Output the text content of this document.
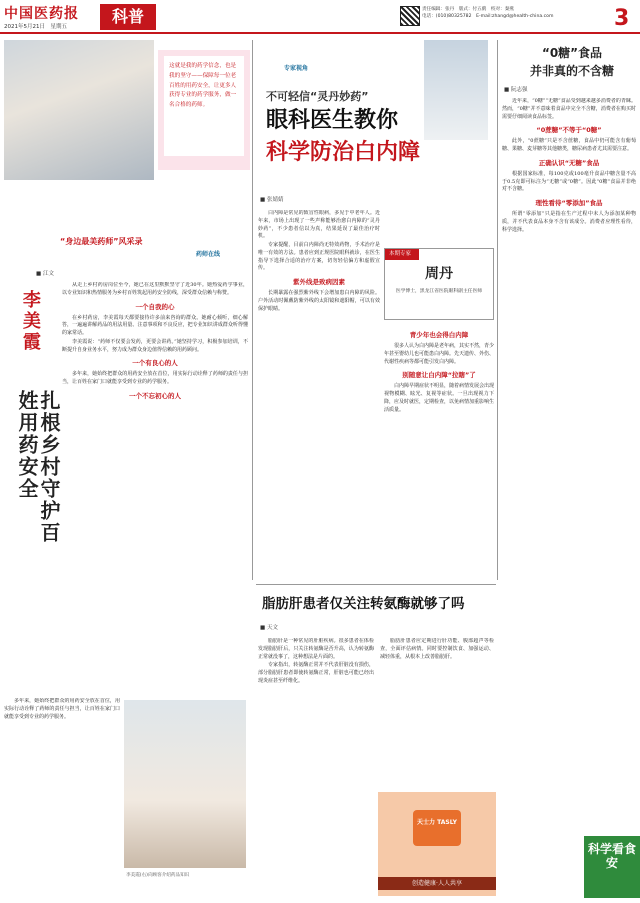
中国医药报
2021年5月21日　星期五
科普	责任编辑：张丹　版式：付五鹤　校对：秦燕
电话：(010)80325782　E-mail:zhangd@health-china.com	3
这就是我的药学信念，也是我的坚守——保障每一位老百姓的用药安全，让更多人获得专业的药学服务，做一名合格的药师。
“身边最美药师”风采录
药师在线
■ 江文
李美霞
扎根乡村守护百姓用药安全

从走上乡村药房岗位至今，她已在这里默默坚守了近30年。她热爱药学事业，以专业知识和热情服务为乡村百姓筑起用药安全防线，深受群众信赖与称赞。

一个自我的心

在乡村药房，李美霞每天都要接待许多前来咨询的群众。她耐心倾听，细心解答，一遍遍讲解药品的用法用量、注意事项和不良反应，把专业知识讲成群众听得懂的家常话。

李美霞说：“药师不仅要会发药，更要会讲药。”她坚持学习，积极参加培训，不断提升自身业务水平，努力成为群众身边值得信赖的用药顾问。

一个有良心的人

多年来，她始终把群众的用药安全放在首位，用实际行动诠释了药师的责任与担当，让百姓在家门口就能享受到专业的药学服务。

一个不忘初心的人

多年来，她始终把群众的用药安全放在首位，用实际行动诠释了药师的责任与担当，让百姓在家门口就能享受到专业的药学服务。

李美霞(右)向顾客介绍药品知识
专家视角
不可轻信“灵丹妙药”
眼科医生教你
科学防治白内障
■ 张婧婧

白内障是常见的致盲性眼病，多见于中老年人。近年来，市场上出现了一些声称能够治愈白内障的“灵丹妙药”，不少患者信以为真，结果延误了最佳治疗时机。

专家提醒，目前白内障尚无特效药物，手术治疗是唯一有效的方法。患者应到正规医院眼科就诊，在医生指导下选择合适的治疗方案，切勿轻信偏方和虚假宣传。

紫外线是致病因素

长期暴露在强烈紫外线下会增加患白内障的风险。户外活动时佩戴防紫外线的太阳镜和遮阳帽，可以有效保护眼睛。

本期专家
周丹
医学博士，黑龙江省医院眼科副主任医师
青少年也会得白内障

很多人认为白内障是老年病，其实不然，青少年甚至婴幼儿也可能患白内障。先天遗传、外伤、代谢性疾病等都可能引发白内障。

别随意让白内障“拉瞎”了

白内障早期症状不明显，随着病情发展会出现视物模糊、眩光、复视等症状。一旦出现视力下降，应及时就医，定期检查，以免病情加重影响生活质量。

“0糖”食品
并非真的不含糖
■ 阮志强

近年来，“0糖”“无糖”食品受到越来越多消费者的青睐。然而，“0糖”并不意味着食品中完全不含糖，消费者在购买时需要仔细阅读食品标签。

“0蔗糖”不等于“0糖”

此外，“0蔗糖”只是不含蔗糖，食品中仍可能含有葡萄糖、果糖、麦芽糖等其他糖类，糖尿病患者尤其需要注意。

正确认识“无糖”食品

根据国家标准，每100克或100毫升食品中糖含量不高于0.5克即可标注为“无糖”或“0糖”。因此“0糖”食品并非绝对不含糖。

理性看待“零添加”食品

所谓“零添加”只是指在生产过程中未人为添加某种物质，并不代表食品本身不含有该成分。消费者应理性看待，科学选择。

脂肪肝患者仅关注转氨酶就够了吗
■ 天文

脂肪肝是一种常见的肝脏疾病。很多患者在体检发现脂肪肝后，只关注转氨酶是否升高，认为转氨酶正常就没事了，这种想法是片面的。

专家指出，转氨酶正常并不代表肝脏没有损伤，部分脂肪肝患者即使转氨酶正常，肝脏也可能已经出现炎症甚至纤维化。

脂肪肝患者应定期进行肝功能、腹部超声等检查，全面评估病情。同时要控制饮食、加强运动、减轻体重，从根本上改善脂肪肝。

天士力 TASLY
创造健康·人人共享
科学看食安
